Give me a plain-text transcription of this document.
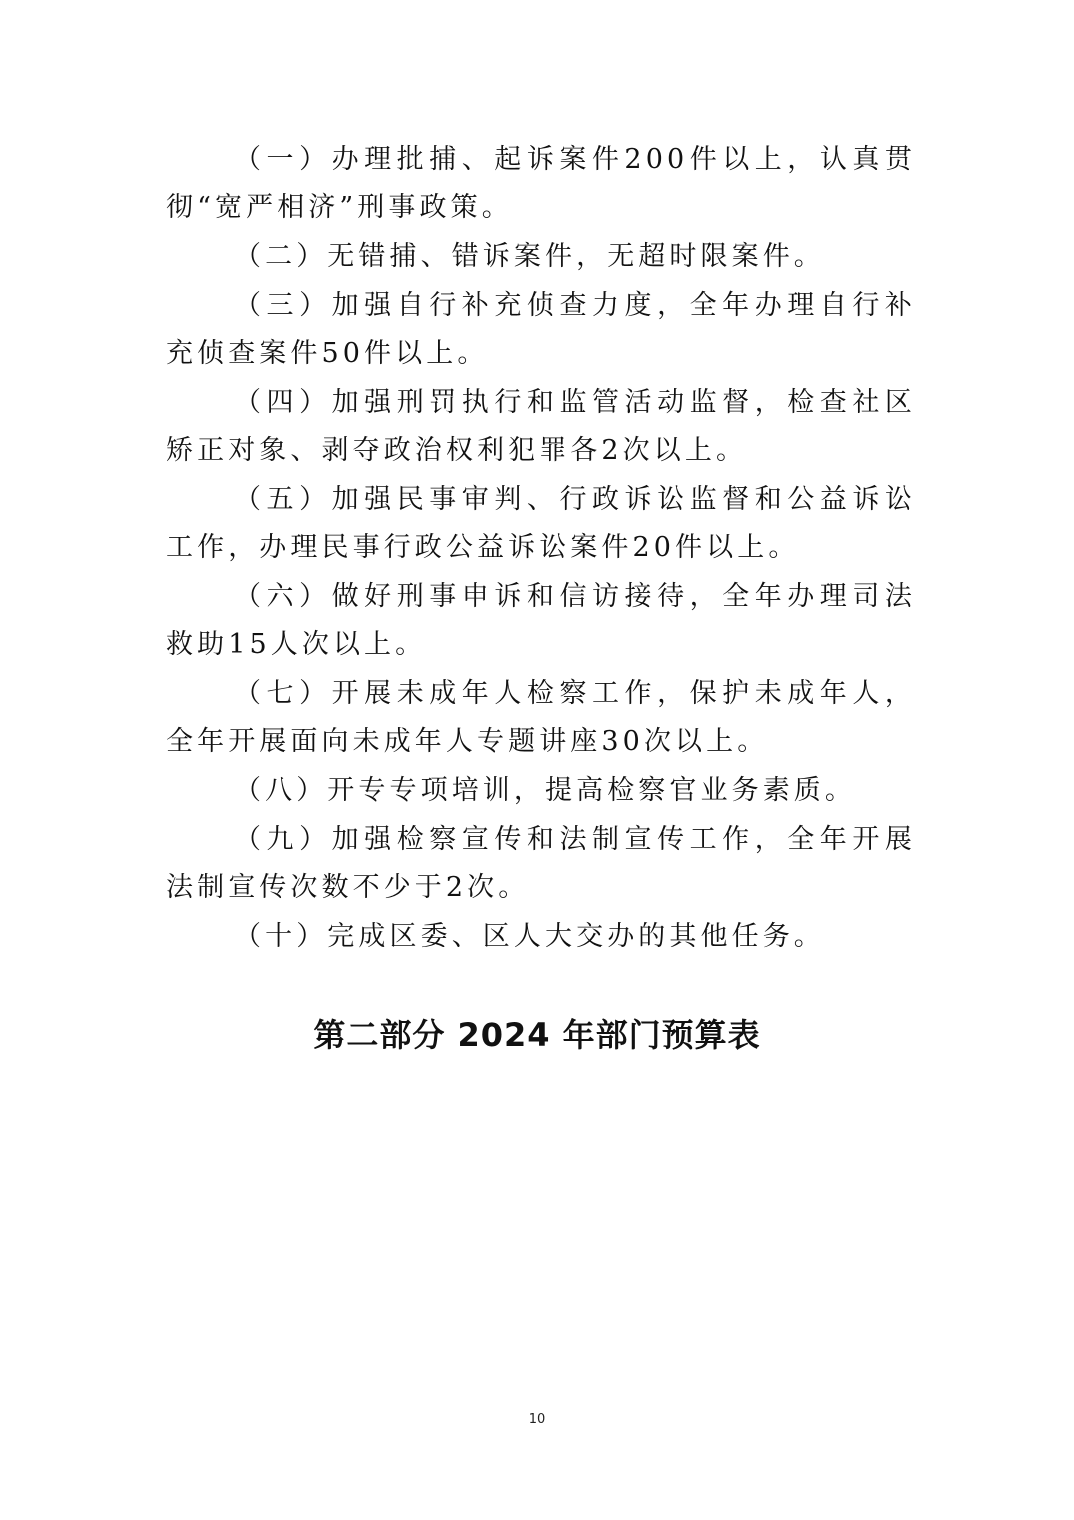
（一）办理批捕、起诉案件200件以上，认真贯彻“宽严相济”刑事政策。

（二）无错捕、错诉案件，无超时限案件。

（三）加强自行补充侦查力度，全年办理自行补充侦查案件50件以上。

（四）加强刑罚执行和监管活动监督，检查社区矫正对象、剥夺政治权利犯罪各2次以上。

（五）加强民事审判、行政诉讼监督和公益诉讼工作，办理民事行政公益诉讼案件20件以上。

（六）做好刑事申诉和信访接待，全年办理司法救助15人次以上。

（七）开展未成年人检察工作，保护未成年人，全年开展面向未成年人专题讲座30次以上。

（八）开专专项培训，提高检察官业务素质。

（九）加强检察宣传和法制宣传工作，全年开展法制宣传次数不少于2次。

（十）完成区委、区人大交办的其他任务。

第二部分 2024 年部门预算表
10
